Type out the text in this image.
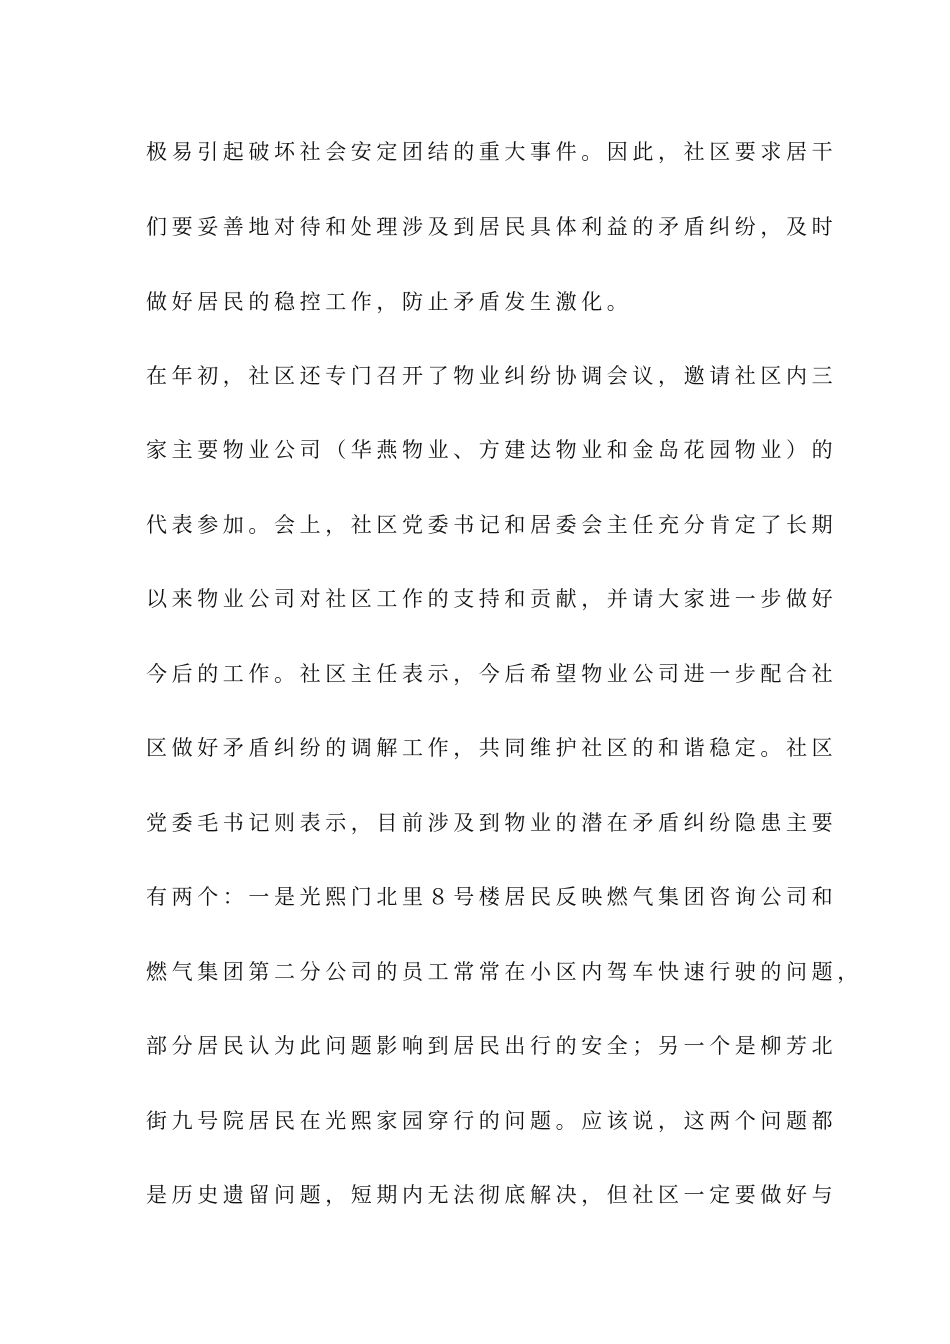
极易引起破坏社会安定团结的重大事件。因此，社区要求居干
们要妥善地对待和处理涉及到居民具体利益的矛盾纠纷，及时
做好居民的稳控工作，防止矛盾发生激化。
在年初，社区还专门召开了物业纠纷协调会议，邀请社区内三
家主要物业公司（华燕物业、方建达物业和金岛花园物业）的
代表参加。会上，社区党委书记和居委会主任充分肯定了长期
以来物业公司对社区工作的支持和贡献，并请大家进一步做好
今后的工作。社区主任表示，今后希望物业公司进一步配合社
区做好矛盾纠纷的调解工作，共同维护社区的和谐稳定。社区
党委毛书记则表示，目前涉及到物业的潜在矛盾纠纷隐患主要
有两个：一是光熙门北里８号楼居民反映燃气集团咨询公司和
燃气集团第二分公司的员工常常在小区内驾车快速行驶的问题，
部分居民认为此问题影响到居民出行的安全；另一个是柳芳北
街九号院居民在光熙家园穿行的问题。应该说，这两个问题都
是历史遗留问题，短期内无法彻底解决，但社区一定要做好与
